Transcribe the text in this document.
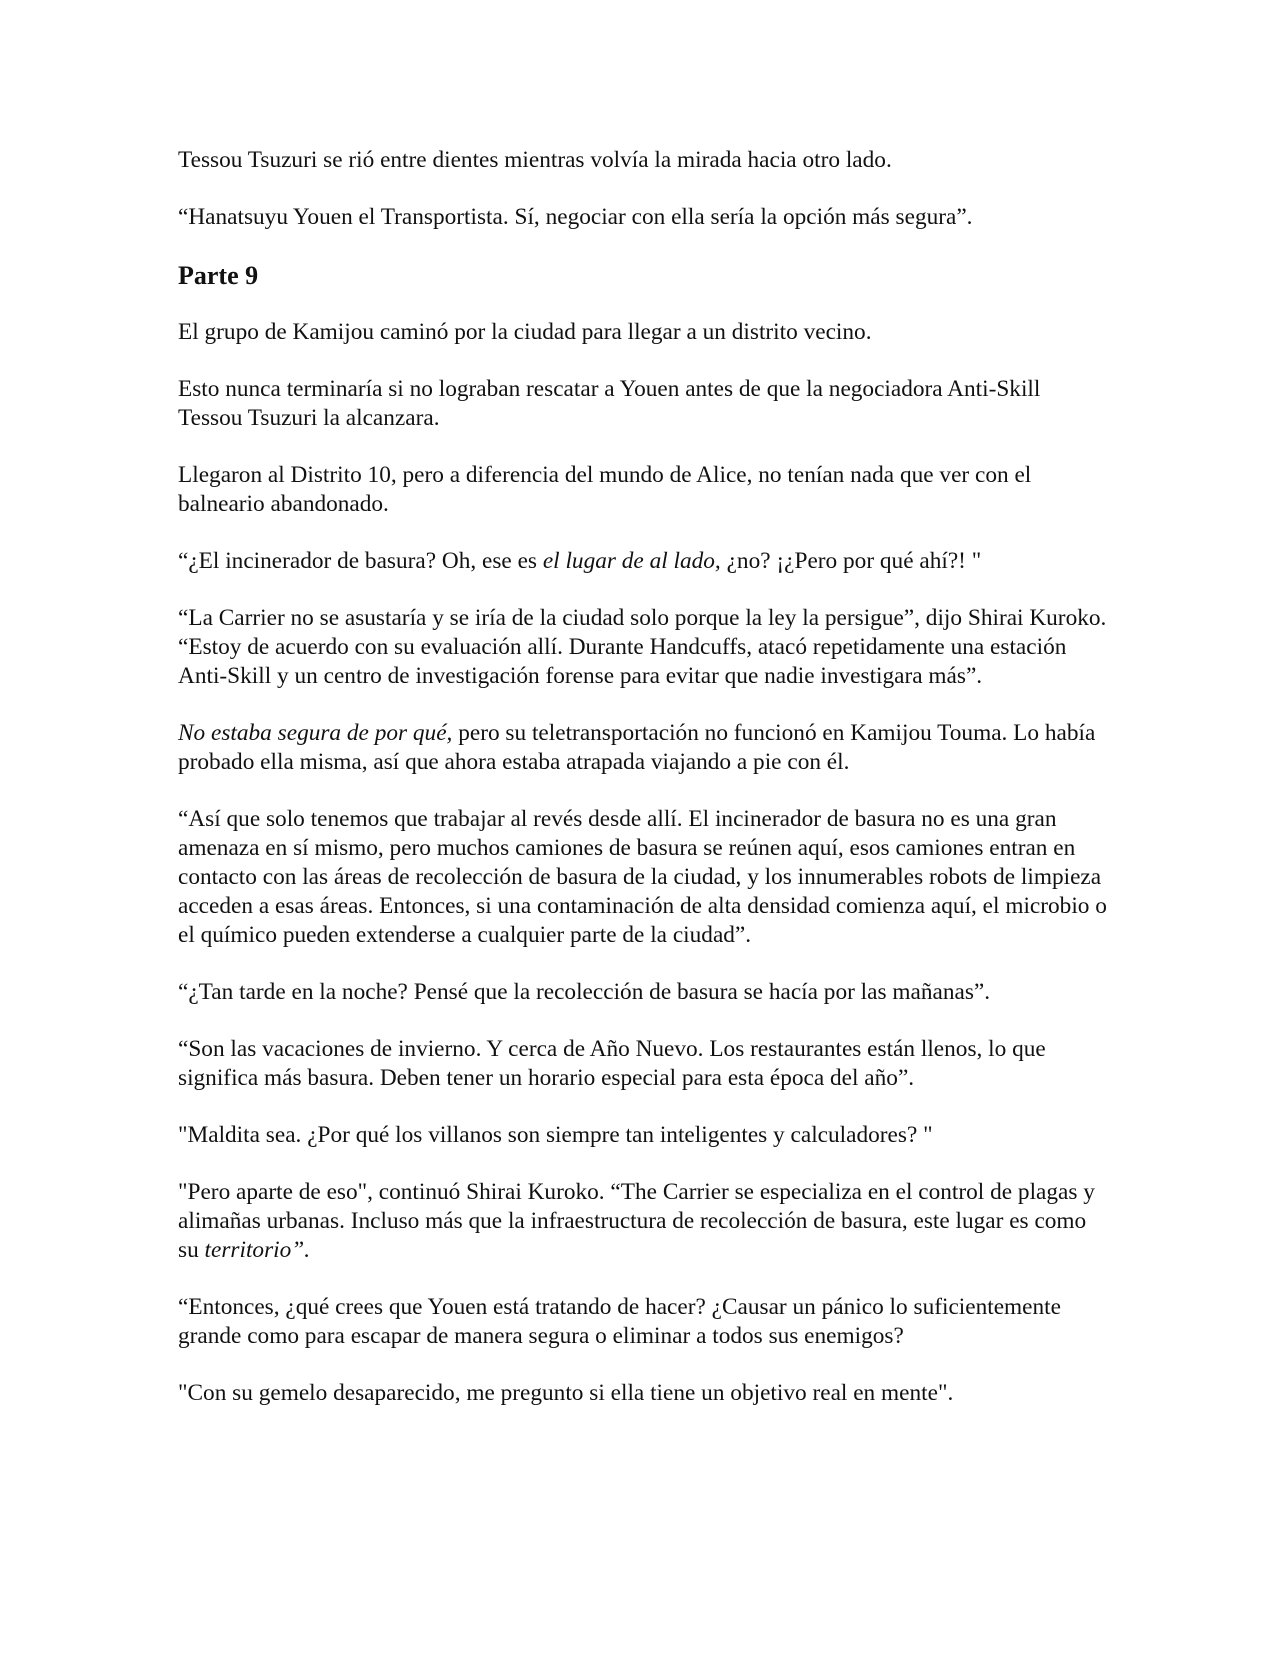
Tessou Tsuzuri se rió entre dientes mientras volvía la mirada hacia otro lado.

“Hanatsuyu Youen el Transportista. Sí, negociar con ella sería la opción más segura”.

Parte 9

El grupo de Kamijou caminó por la ciudad para llegar a un distrito vecino.

Esto nunca terminaría si no lograban rescatar a Youen antes de que la negociadora Anti-Skill Tessou Tsuzuri la alcanzara.

Llegaron al Distrito 10, pero a diferencia del mundo de Alice, no tenían nada que ver con el balneario abandonado.

“¿El incinerador de basura? Oh, ese es el lugar de al lado, ¿no? ¡¿Pero por qué ahí?! "

“La Carrier no se asustaría y se iría de la ciudad solo porque la ley la persigue”, dijo Shirai Kuroko. “Estoy de acuerdo con su evaluación allí. Durante Handcuffs, atacó repetidamente una estación Anti-Skill y un centro de investigación forense para evitar que nadie investigara más”.

No estaba segura de por qué, pero su teletransportación no funcionó en Kamijou Touma. Lo había probado ella misma, así que ahora estaba atrapada viajando a pie con él.

“Así que solo tenemos que trabajar al revés desde allí. El incinerador de basura no es una gran amenaza en sí mismo, pero muchos camiones de basura se reúnen aquí, esos camiones entran en contacto con las áreas de recolección de basura de la ciudad, y los innumerables robots de limpieza acceden a esas áreas. Entonces, si una contaminación de alta densidad comienza aquí, el microbio o el químico pueden extenderse a cualquier parte de la ciudad”.

“¿Tan tarde en la noche? Pensé que la recolección de basura se hacía por las mañanas”.

“Son las vacaciones de invierno. Y cerca de Año Nuevo. Los restaurantes están llenos, lo que significa más basura. Deben tener un horario especial para esta época del año”.

"Maldita sea. ¿Por qué los villanos son siempre tan inteligentes y calculadores? "

"Pero aparte de eso", continuó Shirai Kuroko. “The Carrier se especializa en el control de plagas y alimañas urbanas. Incluso más que la infraestructura de recolección de basura, este lugar es como su territorio”.

“Entonces, ¿qué crees que Youen está tratando de hacer? ¿Causar un pánico lo suficientemente grande como para escapar de manera segura o eliminar a todos sus enemigos?

"Con su gemelo desaparecido, me pregunto si ella tiene un objetivo real en mente".
